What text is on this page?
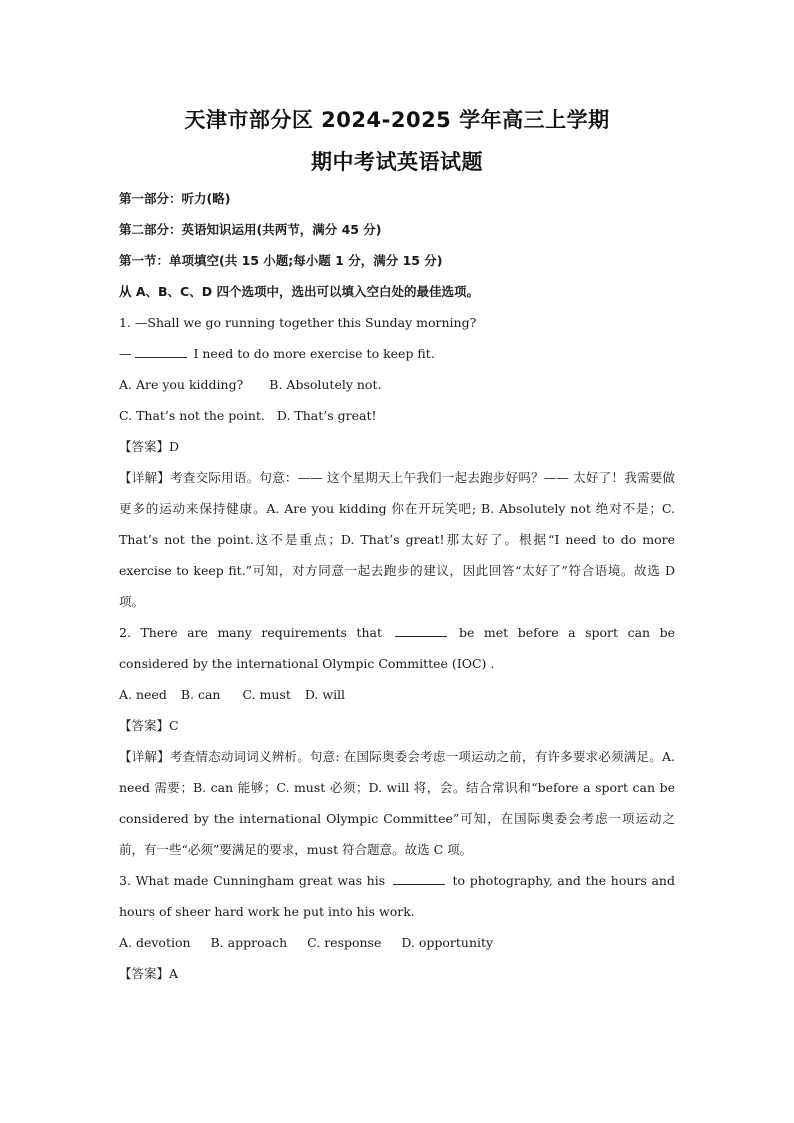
天津市部分区 2024-2025 学年高三上学期
期中考试英语试题

第一部分：听力(略)

第二部分：英语知识运用(共两节，满分 45 分)

第一节：单项填空(共 15 小题;每小题 1 分，满分 15 分)

从 A、B、C、D 四个选项中，选出可以填入空白处的最佳选项。

1. —Shall we go running together this Sunday morning?

—	I need to do more exercise to keep fit.

A. Are you kidding? B. Absolutely not.

C. That’s not the point. D. That’s great!

【答案】D

【详解】考查交际用语。句意：—— 这个星期天上午我们一起去跑步好吗？—— 太好了！我需要做更多的运动来保持健康。A. Are you kidding 你在开玩笑吧; B. Absolutely not 绝对不是；C. That’s not the point.这不是重点；D. That’s great!那太好了。根据“I need to do more exercise to keep fit.”可知，对方同意一起去跑步的建议，因此回答“太好了”符合语境。故选 D 项。

2. There are many requirements that	be met before a sport can be considered by the international Olympic Committee (IOC) .

A. need B. can C. must D. will

【答案】C

【详解】考查情态动词词义辨析。句意: 在国际奥委会考虑一项运动之前，有许多要求必须满足。A. need 需要；B. can 能够；C. must 必须；D. will 将，会。结合常识和“before a sport can be considered by the international Olympic Committee”可知，在国际奥委会考虑一项运动之前，有一些“必须”要满足的要求，must 符合题意。故选 C 项。

3. What made Cunningham great was his	to photography, and the hours and hours of sheer hard work he put into his work.

A. devotion B. approach C. response D. opportunity

【答案】A
